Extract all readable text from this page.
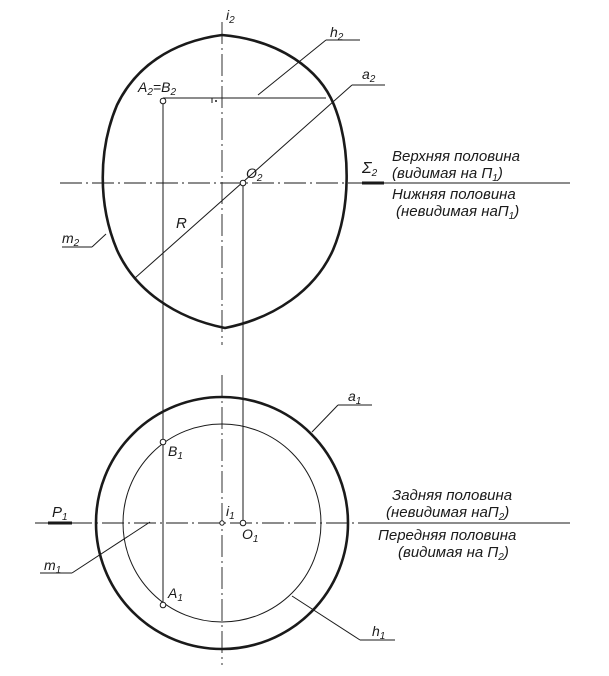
$i_2$
$h_2$
$a_2$
$A_2=B_2$
$O_2$
Σ2
R
$m_2$
$a_1$
$B_1$
$P_1$	$i_1$
$O_1$
$m_1$
$A_1$
$h_1$
Верхняя половина
(видимая на $П_1$)
Нижняя половина
(невидимая наП$_1$)
Задняя половина
(невидимая наП$_2$)
Передняя половина
(видимая на $П_2$)
